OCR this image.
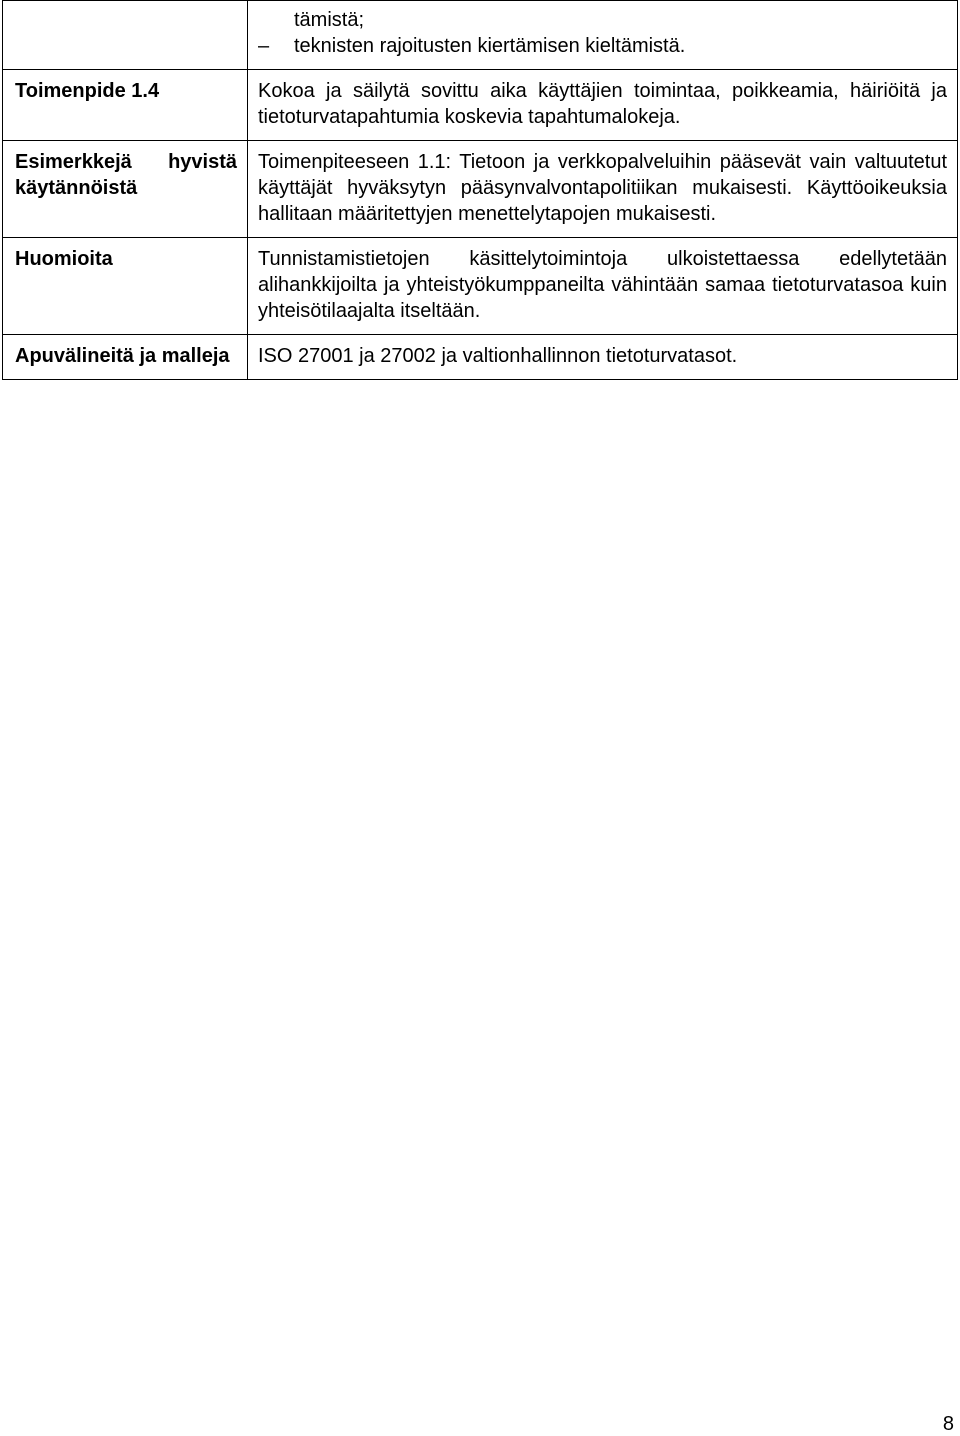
	tämistä;
– teknisten rajoitusten kiertämisen kieltämistä.

Toimenpide 1.4	Kokoa ja säilytä sovittu aika käyttäjien toimintaa, poikkeamia, häiriöitä ja tietoturvatapahtumia koskevia tapahtumalokeja.
Esimerkkejä hyvistä käytännöistä	Toimenpiteeseen 1.1: Tietoon ja verkkopalveluihin pääsevät vain valtuutetut käyttäjät hyväksytyn pääsynvalvontapolitiikan mukaisesti. Käyttöoikeuksia hallitaan määritettyjen menettelytapojen mukaisesti.
Huomioita	Tunnistamistietojen käsittelytoimintoja ulkoistettaessa edellytetään alihankkijoilta ja yhteistyökumppaneilta vähintään samaa tietoturvatasoa kuin yhteisötilaajalta itseltään.
Apuvälineitä ja malleja	ISO 27001 ja 27002 ja valtionhallinnon tietoturvatasot.
8
